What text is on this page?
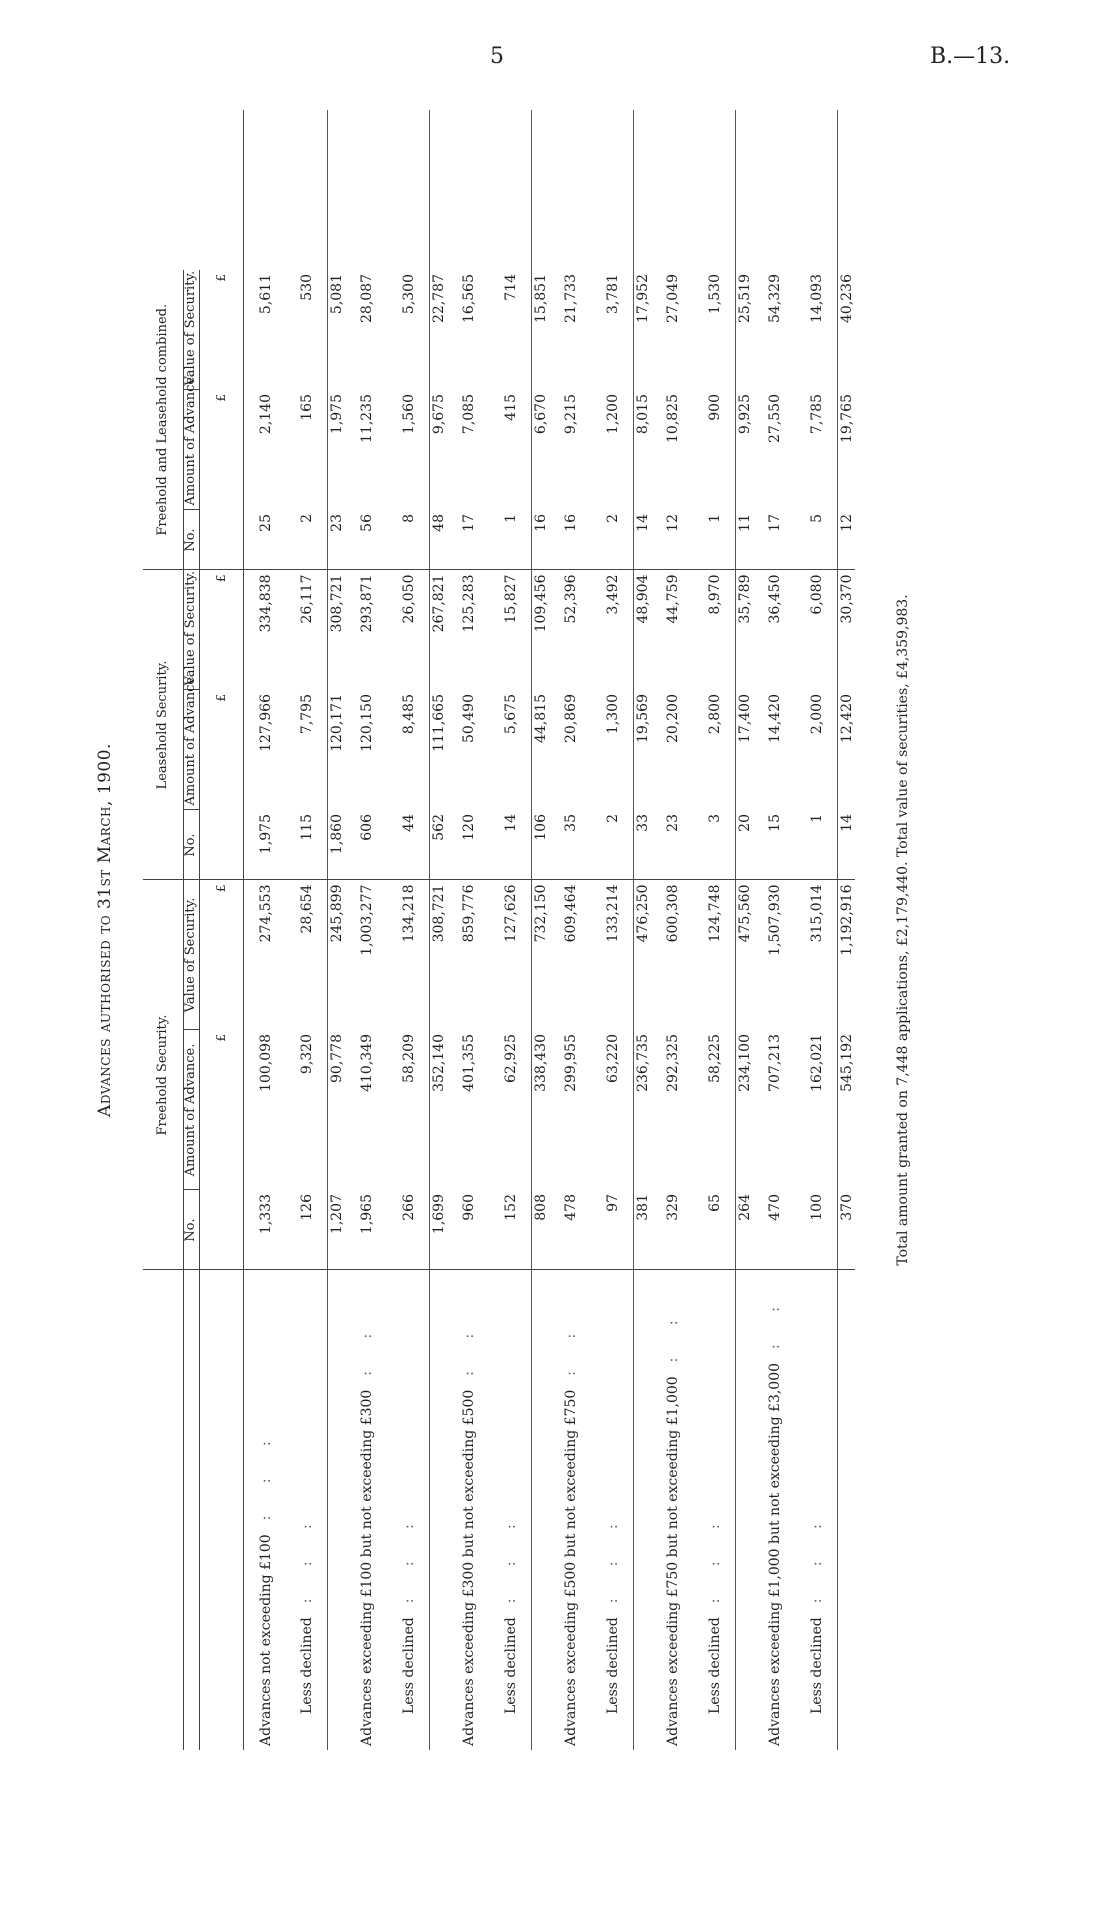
5	B.—13.
Advances authorised to 31st March, 1900.
		Freehold Security.			Leasehold Security.			Freehold and Leasehold combined.			
	No.	Amount of Advance.	Value of Security.	No.	Amount of Advance.	Value of Security.	No.	Amount of Advance.	Value of Security.	
		£	£		£	£		£	£	
Advances not exceeding £100: : :	1,333	100,098	274,553	1,975	127,966	334,838	25	2,140	5,611	
Less declined: : :	126	9,320	28,654	115	7,795	26,117	2	165	530	
	1,207	90,778	245,899	1,860	120,171	308,721	23	1,975	5,081	
Advances exceeding £100 but not exceeding £300: :	1,965	410,349	1,003,277	606	120,150	293,871	56	11,235	28,087	
Less declined: : :	266	58,209	134,218	44	8,485	26,050	8	1,560	5,300	
	1,699	352,140	308,721	562	111,665	267,821	48	9,675	22,787	
Advances exceeding £300 but not exceeding £500: :	960	401,355	859,776	120	50,490	125,283	17	7,085	16,565	
Less declined: : :	152	62,925	127,626	14	5,675	15,827	1	415	714	
	808	338,430	732,150	106	44,815	109,456	16	6,670	15,851	
Advances exceeding £500 but not exceeding £750: :	478	299,955	609,464	35	20,869	52,396	16	9,215	21,733	
Less declined: : :	97	63,220	133,214	2	1,300	3,492	2	1,200	3,781	
	381	236,735	476,250	33	19,569	48,904	14	8,015	17,952	
Advances exceeding £750 but not exceeding £1,000: :	329	292,325	600,308	23	20,200	44,759	12	10,825	27,049	
Less declined: : :	65	58,225	124,748	3	2,800	8,970	1	900	1,530	
	264	234,100	475,560	20	17,400	35,789	11	9,925	25,519	
Advances exceeding £1,000 but not exceeding £3,000: :	470	707,213	1,507,930	15	14,420	36,450	17	27,550	54,329	
Less declined: : :	100	162,021	315,014	1	2,000	6,080	5	7,785	14,093	
	370	545,192	1,192,916	14	12,420	30,370	12	19,765	40,236	
Total amount granted on 7,448 applications, £2,179,440. Total value of securities, £4,359,983.
